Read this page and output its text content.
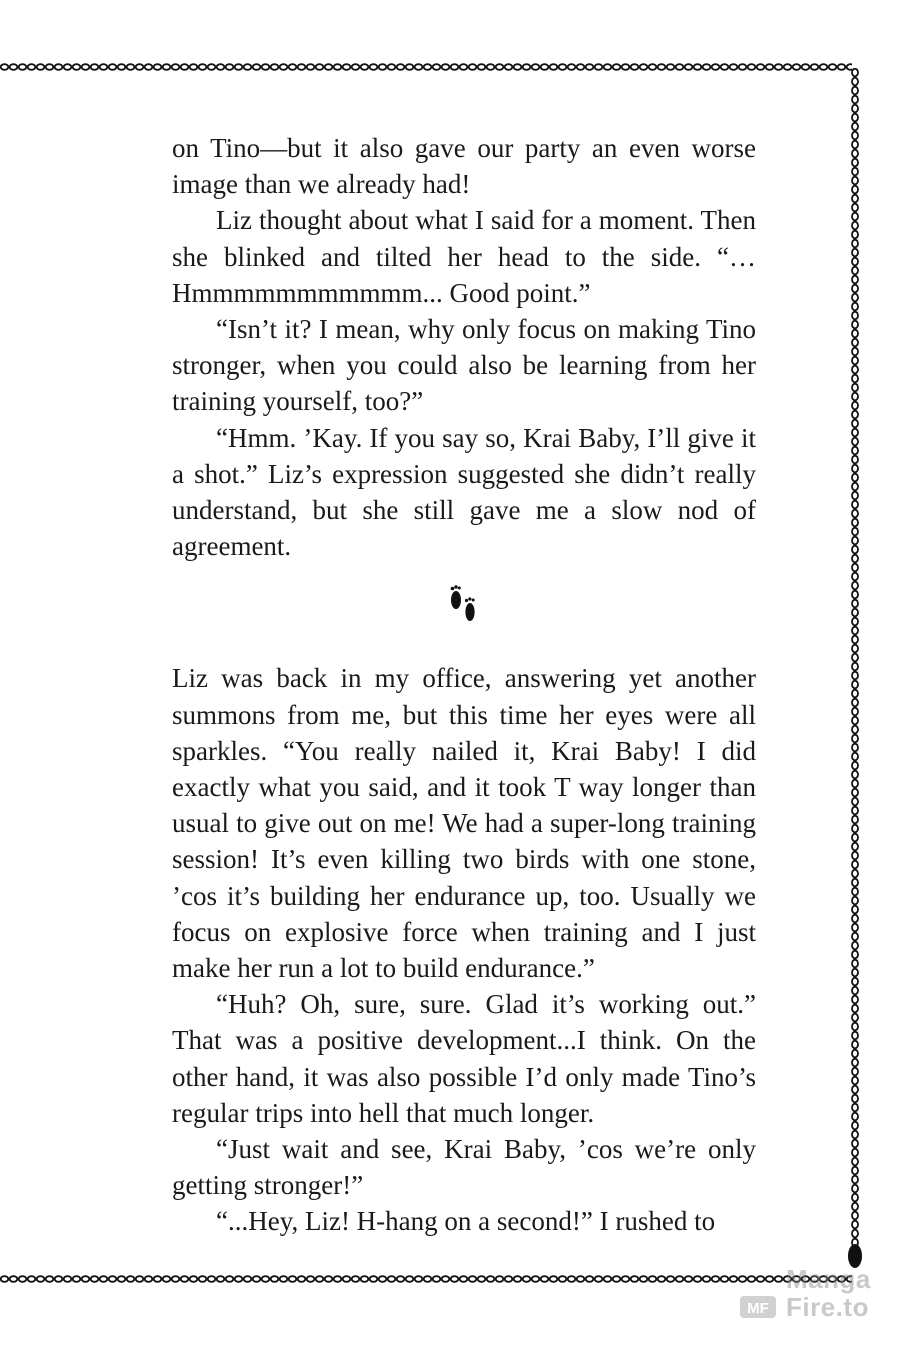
on Tino—but it also gave our party an even worse image than we already had!

Liz thought about what I said for a moment. Then she blinked and tilted her head to the side. “… Hmmmmmmmmmmm... Good point.”

“Isn’t it? I mean, why only focus on making Tino stronger, when you could also be learning from her training yourself, too?”

“Hmm. ’Kay. If you say so, Krai Baby, I’ll give it a shot.” Liz’s expression suggested she didn’t really understand, but she still gave me a slow nod of agreement.

Liz was back in my office, answering yet another summons from me, but this time her eyes were all sparkles. “You really nailed it, Krai Baby! I did exactly what you said, and it took T way longer than usual to give out on me! We had a super-long training session! It’s even killing two birds with one stone, ’cos it’s building her endurance up, too. Usually we focus on explosive force when training and I just make her run a lot to build endurance.”

“Huh? Oh, sure, sure. Glad it’s working out.” That was a positive development...I think. On the other hand, it was also possible I’d only made Tino’s regular trips into hell that much longer.

“Just wait and see, Krai Baby, ’cos we’re only getting stronger!”

“...Hey, Liz! H-hang on a second!” I rushed to

MF
Manga
Fire.to
